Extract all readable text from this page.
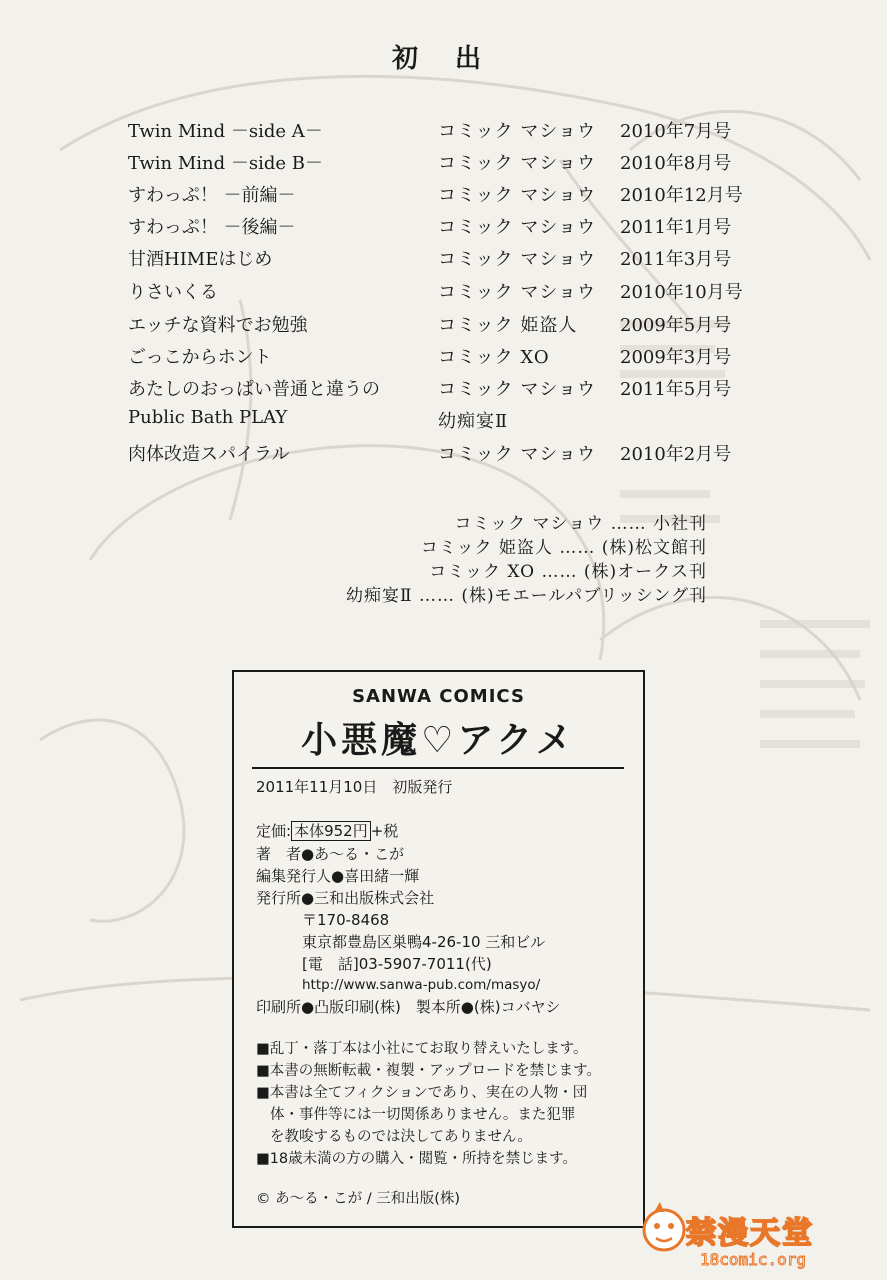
初 出
Twin Mind －side A－	コミック マショウ 2010年7月号
Twin Mind －side B－	コミック マショウ 2010年8月号
すわっぷ！ －前編－	コミック マショウ 2010年12月号
すわっぷ！ －後編－	コミック マショウ 2011年1月号
甘酒HIMEはじめ	コミック マショウ 2011年3月号
りさいくる	コミック マショウ 2010年10月号
エッチな資料でお勉強	コミック 姫盗人 2009年5月号
ごっこからホント	コミック XO	2009年3月号
あたしのおっぱい普通と違うの	コミック マショウ 2011年5月号
Public Bath PLAY	幼痴宴Ⅱ
肉体改造スパイラル	コミック マショウ 2010年2月号
コミック マショウ …… 小社刊
コミック 姫盗人 …… (株)松文館刊
コミック XO …… (株)オークス刊
幼痴宴Ⅱ …… (株)モエールパブリッシング刊
SANWA COMICS
小悪魔♡アクメ
2011年11月10日　初版発行
定価: 本体952円 +税
著　者●あ～る・こが
編集発行人●喜田緒一輝
発行所●三和出版株式会社
〒170-8468
東京都豊島区巣鴨4-26-10 三和ビル
[電　話]03-5907-7011(代)
http://www.sanwa-pub.com/masyo/
印刷所●凸版印刷(株)　製本所●(株)コバヤシ
■乱丁・落丁本は小社にてお取り替えいたします。
■本書の無断転載・複製・アップロードを禁じます。
■本書は全てフィクションであり、実在の人物・団
体・事件等には一切関係ありません。また犯罪
を教唆するものでは決してありません。
■18歳未満の方の購入・閲覧・所持を禁じます。
© あ～る・こが / 三和出版(株)
禁漫天堂
18comic.org
